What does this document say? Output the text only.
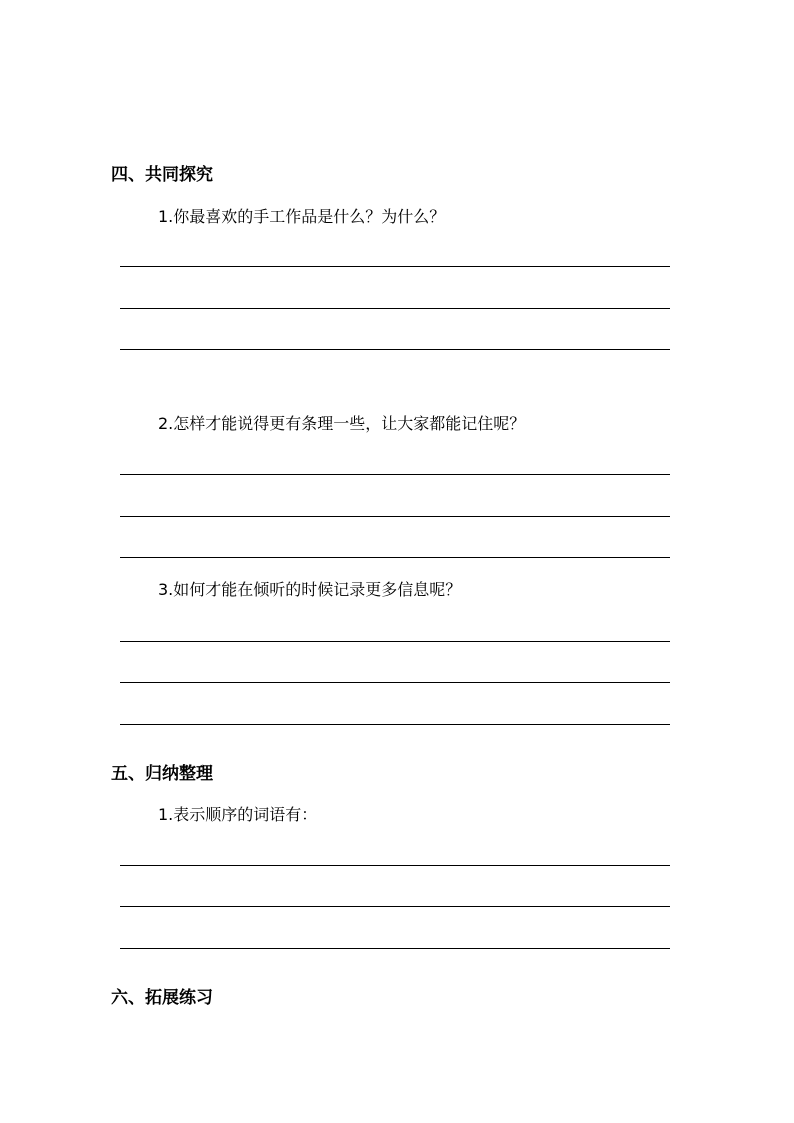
四、共同探究
1.你最喜欢的手工作品是什么？为什么？
2.怎样才能说得更有条理一些，让大家都能记住呢？
3.如何才能在倾听的时候记录更多信息呢？
五、归纳整理
1.表示顺序的词语有：
六、拓展练习
